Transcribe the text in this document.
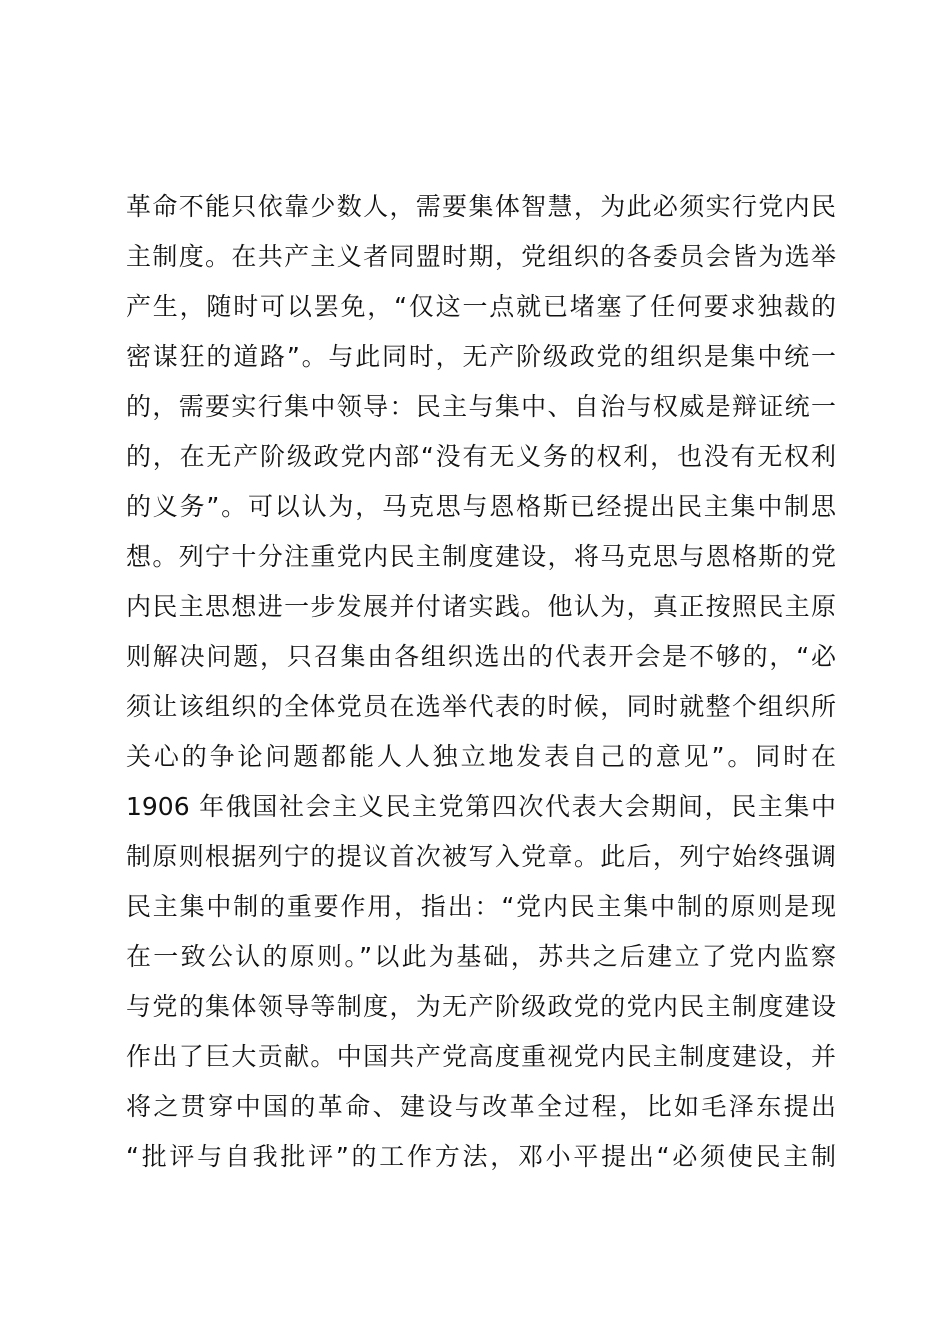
革命不能只依靠少数人，需要集体智慧，为此必须实行党内民
主制度。在共产主义者同盟时期，党组织的各委员会皆为选举
产生，随时可以罢免，“仅这一点就已堵塞了任何要求独裁的
密谋狂的道路”。与此同时，无产阶级政党的组织是集中统一
的，需要实行集中领导：民主与集中、自治与权威是辩证统一
的，在无产阶级政党内部“没有无义务的权利，也没有无权利
的义务”。可以认为，马克思与恩格斯已经提出民主集中制思
想。列宁十分注重党内民主制度建设，将马克思与恩格斯的党
内民主思想进一步发展并付诸实践。他认为，真正按照民主原
则解决问题，只召集由各组织选出的代表开会是不够的，“必
须让该组织的全体党员在选举代表的时候，同时就整个组织所
关心的争论问题都能人人独立地发表自己的意见”。同时在
1906 年俄国社会主义民主党第四次代表大会期间，民主集中
制原则根据列宁的提议首次被写入党章。此后，列宁始终强调
民主集中制的重要作用，指出：“党内民主集中制的原则是现
在一致公认的原则。”以此为基础，苏共之后建立了党内监察
与党的集体领导等制度，为无产阶级政党的党内民主制度建设
作出了巨大贡献。中国共产党高度重视党内民主制度建设，并
将之贯穿中国的革命、建设与改革全过程，比如毛泽东提出
“批评与自我批评”的工作方法，邓小平提出“必须使民主制
